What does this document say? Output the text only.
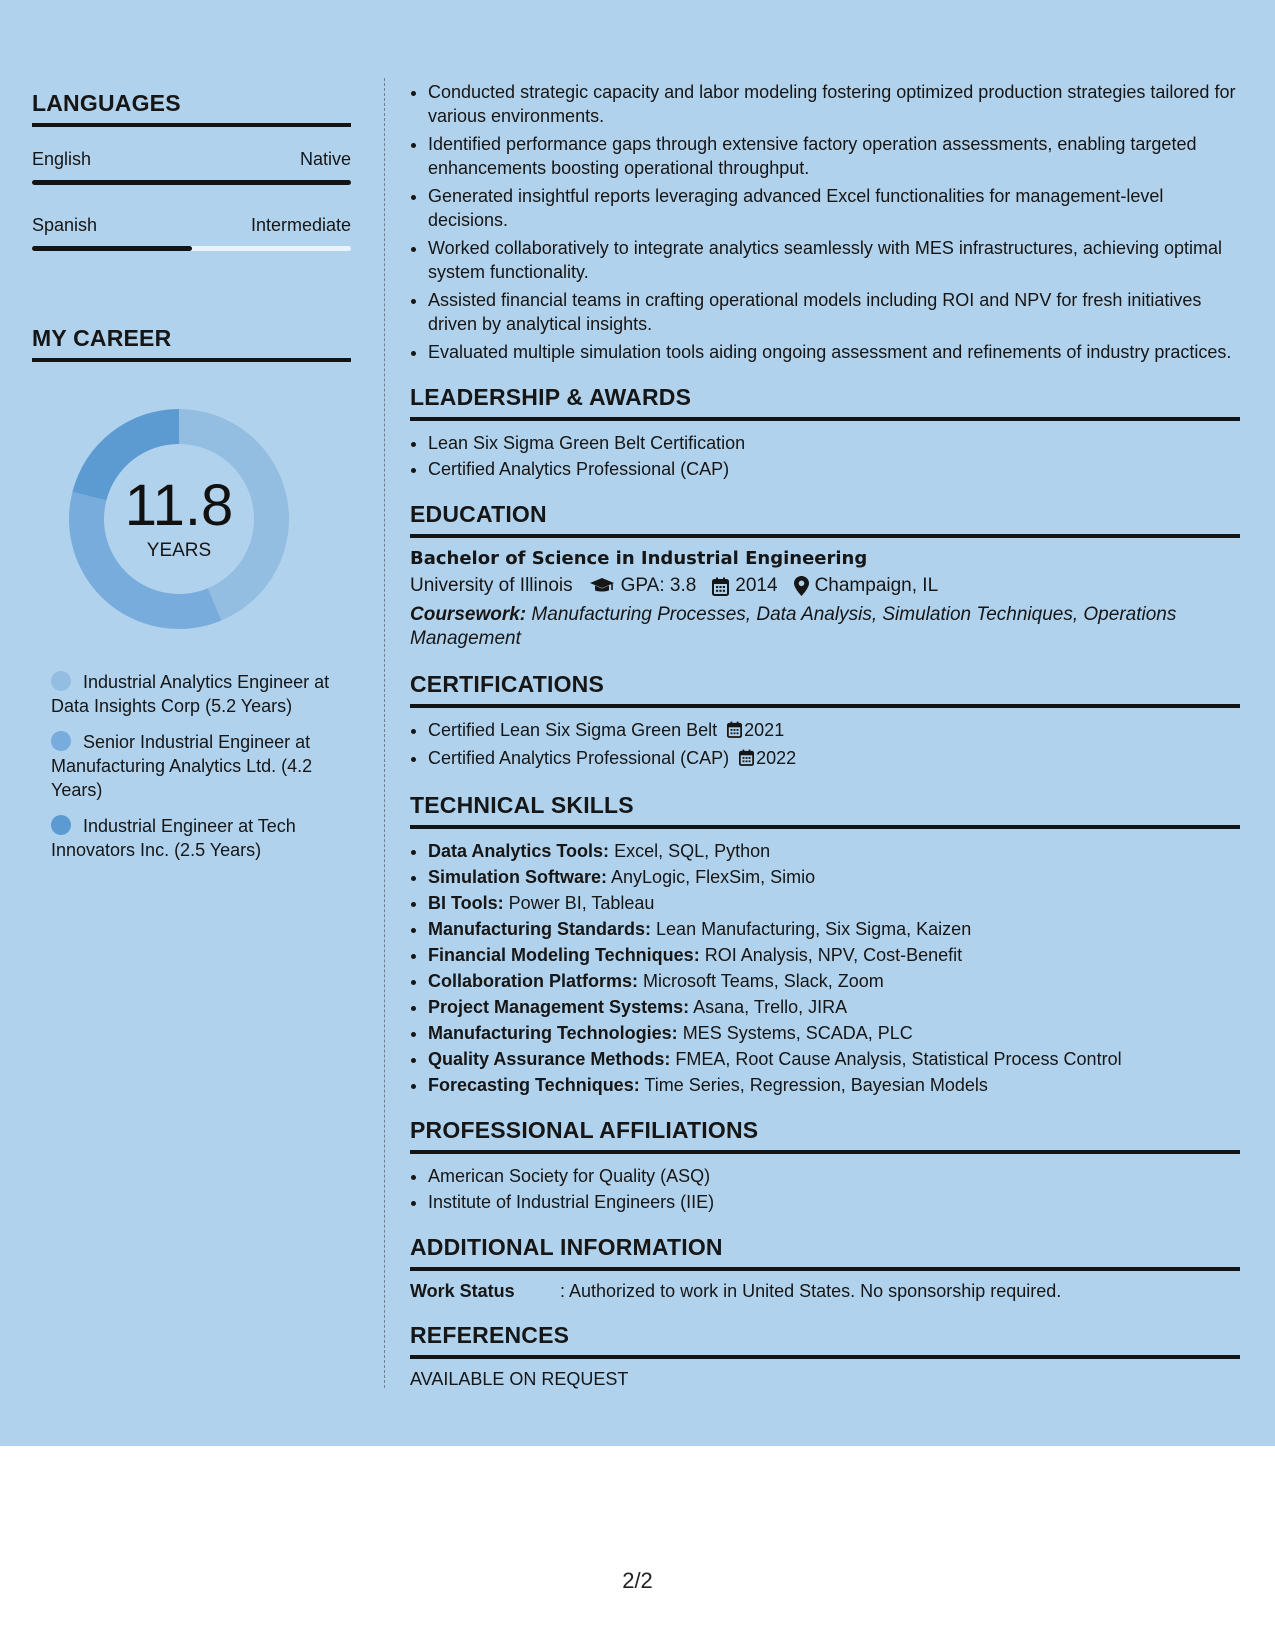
LANGUAGES
English	Native
Spanish	Intermediate
MY CAREER
11.8
YEARS
Industrial Analytics Engineer at Data Insights Corp (5.2 Years)
Senior Industrial Engineer at Manufacturing Analytics Ltd. (4.2 Years)
Industrial Engineer at Tech Innovators Inc. (2.5 Years)
• Conducted strategic capacity and labor modeling fostering optimized production strategies tailored for various environments.
• Identified performance gaps through extensive factory operation assessments, enabling targeted enhancements boosting operational throughput.
• Generated insightful reports leveraging advanced Excel functionalities for management-level decisions.
• Worked collaboratively to integrate analytics seamlessly with MES infrastructures, achieving optimal system functionality.
• Assisted financial teams in crafting operational models including ROI and NPV for fresh initiatives driven by analytical insights.
• Evaluated multiple simulation tools aiding ongoing assessment and refinements of industry practices.
LEADERSHIP & AWARDS
• Lean Six Sigma Green Belt Certification
• Certified Analytics Professional (CAP)
EDUCATION
Bachelor of Science in Industrial Engineering
University of Illinois	GPA: 3.8 2014 Champaign, IL
Coursework: Manufacturing Processes, Data Analysis, Simulation Techniques, Operations Management
CERTIFICATIONS
• Certified Lean Six Sigma Green Belt 2021
• Certified Analytics Professional (CAP) 2022
TECHNICAL SKILLS
• Data Analytics Tools: Excel, SQL, Python
• Simulation Software: AnyLogic, FlexSim, Simio
• BI Tools: Power BI, Tableau
• Manufacturing Standards: Lean Manufacturing, Six Sigma, Kaizen
• Financial Modeling Techniques: ROI Analysis, NPV, Cost-Benefit
• Collaboration Platforms: Microsoft Teams, Slack, Zoom
• Project Management Systems: Asana, Trello, JIRA
• Manufacturing Technologies: MES Systems, SCADA, PLC
• Quality Assurance Methods: FMEA, Root Cause Analysis, Statistical Process Control
• Forecasting Techniques: Time Series, Regression, Bayesian Models
PROFESSIONAL AFFILIATIONS
• American Society for Quality (ASQ)
• Institute of Industrial Engineers (IIE)
ADDITIONAL INFORMATION
Work Status	: Authorized to work in United States. No sponsorship required.
REFERENCES
AVAILABLE ON REQUEST
2/2
